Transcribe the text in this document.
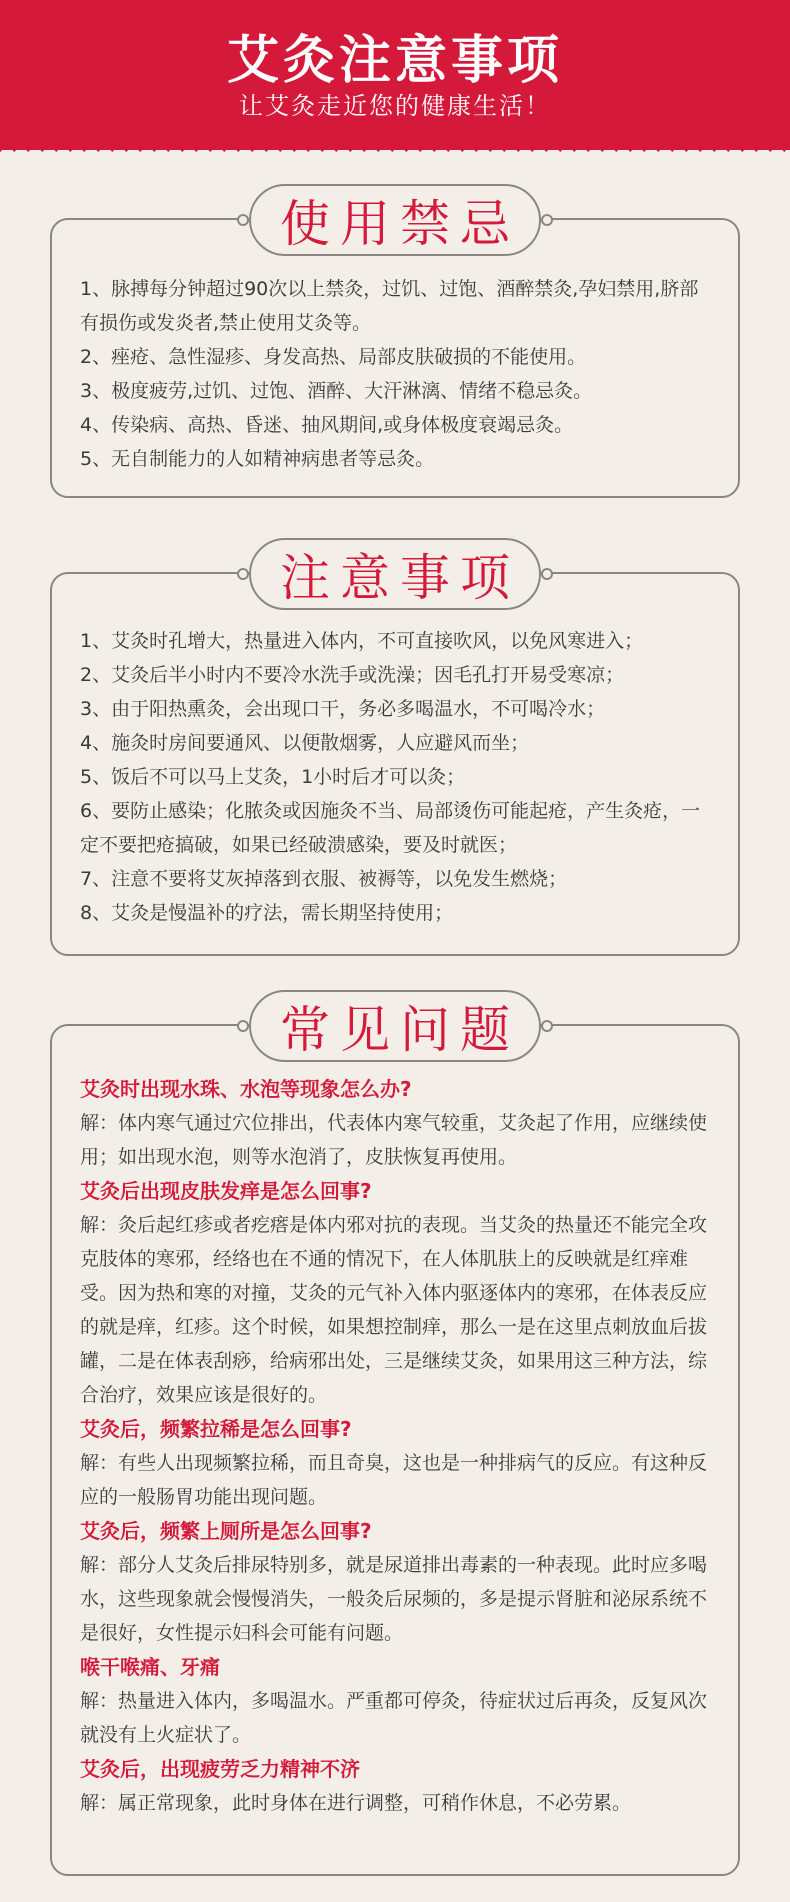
艾灸注意事项
让艾灸走近您的健康生活！
使用禁忌
1、脉搏每分钟超过90次以上禁灸，过饥、过饱、酒醉禁灸,孕妇禁用,脐部有损伤或发炎者,禁止使用艾灸等。
2、痤疮、急性湿疹、身发高热、局部皮肤破损的不能使用。
3、极度疲劳,过饥、过饱、酒醉、大汗淋漓、情绪不稳忌灸。
4、传染病、高热、昏迷、抽风期间,或身体极度衰竭忌灸。
5、无自制能力的人如精神病患者等忌灸。
注意事项
1、艾灸时孔增大，热量进入体内，不可直接吹风，以免风寒进入；
2、艾灸后半小时内不要冷水洗手或洗澡；因毛孔打开易受寒凉；
3、由于阳热熏灸，会出现口干，务必多喝温水，不可喝冷水；
4、施灸时房间要通风、以便散烟雾，人应避风而坐；
5、饭后不可以马上艾灸，1小时后才可以灸；
6、要防止感染；化脓灸或因施灸不当、局部烫伤可能起疮，产生灸疮，一定不要把疮搞破，如果已经破溃感染，要及时就医；
7、注意不要将艾灰掉落到衣服、被褥等，以免发生燃烧；
8、艾灸是慢温补的疗法，需长期坚持使用；
常见问题
艾灸时出现水珠、水泡等现象怎么办?
解：体内寒气通过穴位排出，代表体内寒气较重，艾灸起了作用，应继续使用；如出现水泡，则等水泡消了，皮肤恢复再使用。
艾灸后出现皮肤发痒是怎么回事?
解：灸后起红疹或者疙瘩是体内邪对抗的表现。当艾灸的热量还不能完全攻克肢体的寒邪，经络也在不通的情况下，在人体肌肤上的反映就是红痒难受。因为热和寒的对撞，艾灸的元气补入体内驱逐体内的寒邪，在体表反应的就是痒，红疹。这个时候，如果想控制痒，那么一是在这里点刺放血后拔罐，二是在体表刮痧，给病邪出处，三是继续艾灸，如果用这三种方法，综合治疗，效果应该是很好的。
艾灸后，频繁拉稀是怎么回事?
解：有些人出现频繁拉稀，而且奇臭，这也是一种排病气的反应。有这种反应的一般肠胃功能出现问题。
艾灸后，频繁上厕所是怎么回事?
解：部分人艾灸后排尿特别多，就是尿道排出毒素的一种表现。此时应多喝水，这些现象就会慢慢消失，一般灸后尿频的，多是提示肾脏和泌尿系统不是很好，女性提示妇科会可能有问题。
喉干喉痛、牙痛
解：热量进入体内，多喝温水。严重都可停灸，待症状过后再灸，反复风次就没有上火症状了。
艾灸后，出现疲劳乏力精神不济
解：属正常现象，此时身体在进行调整，可稍作休息，不必劳累。
